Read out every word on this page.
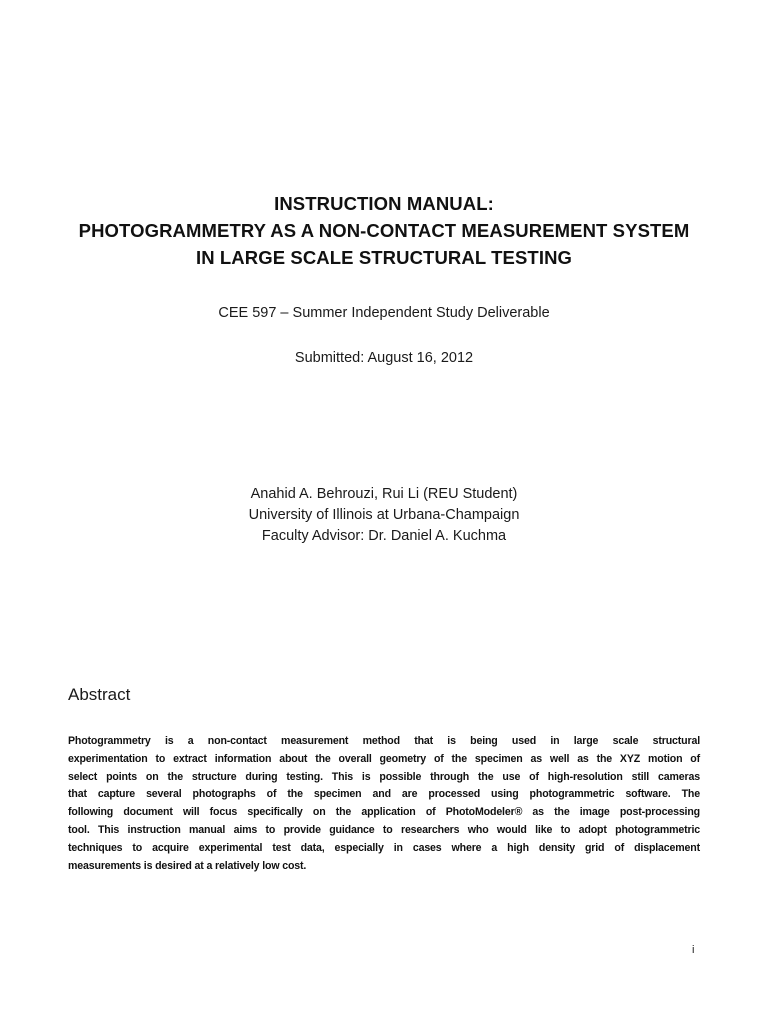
INSTRUCTION MANUAL:
PHOTOGRAMMETRY AS A NON-CONTACT MEASUREMENT SYSTEM
IN LARGE SCALE STRUCTURAL TESTING
CEE 597 – Summer Independent Study Deliverable
Submitted: August 16, 2012
Anahid A. Behrouzi, Rui Li (REU Student)
University of Illinois at Urbana-Champaign
Faculty Advisor: Dr. Daniel A. Kuchma
Abstract
Photogrammetry is a non-contact measurement method that is being used in large scale structural
experimentation to extract information about the overall geometry of the specimen as well as the XYZ motion of
select points on the structure during testing. This is possible through the use of high-resolution still cameras
that capture several photographs of the specimen and are processed using photogrammetric software. The
following document will focus specifically on the application of PhotoModeler® as the image post-processing
tool. This instruction manual aims to provide guidance to researchers who would like to adopt photogrammetric
techniques to acquire experimental test data, especially in cases where a high density grid of displacement
measurements is desired at a relatively low cost.
i
